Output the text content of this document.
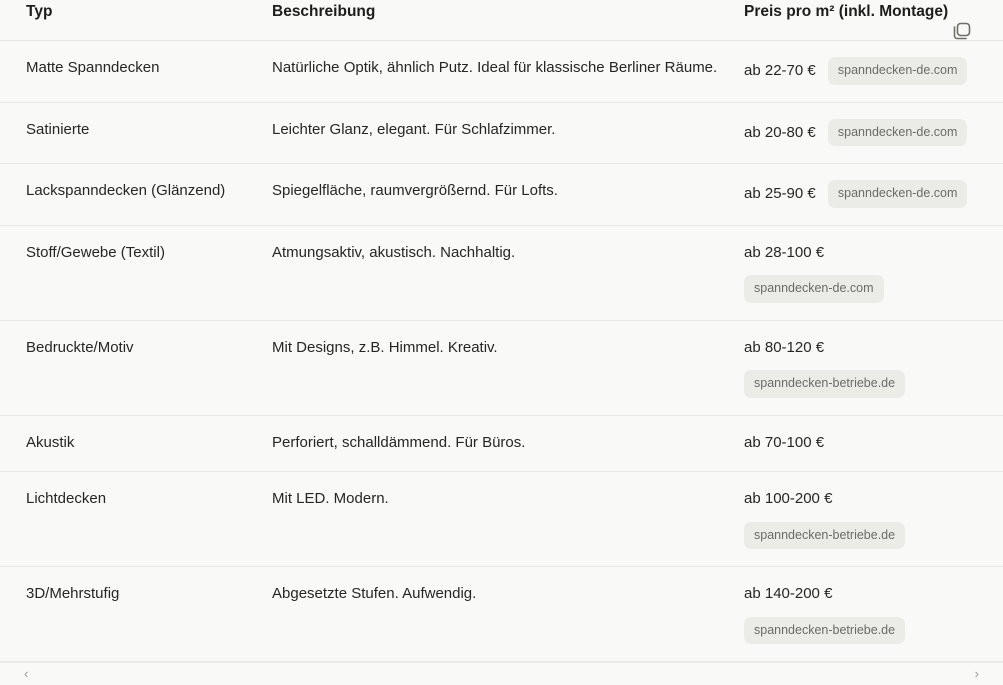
Typ	Beschreibung	Preis pro m² (inkl. Montage)
Matte Spanndecken	Natürliche Optik, ähnlich Putz. Ideal für klassische Berliner Räume.	ab 22-70 € spanndecken-de.com

Satinierte	Leichter Glanz, elegant. Für Schlafzimmer.	ab 20-80 € spanndecken-de.com

Lackspanndecken (Glänzend)	Spiegelfläche, raumvergrößernd. Für Lofts.	ab 25-90 € spanndecken-de.com

Stoff/Gewebe (Textil)	Atmungsaktiv, akustisch. Nachhaltig.	ab 28-100 €
spanndecken-de.com

Bedruckte/Motiv	Mit Designs, z.B. Himmel. Kreativ.	ab 80-120 €
spanndecken-betriebe.de

Akustik	Perforiert, schalldämmend. Für Büros.	ab 70-100 €

Lichtdecken	Mit LED. Modern.	ab 100-200 €
spanndecken-betriebe.de

3D/Mehrstufig	Abgesetzte Stufen. Aufwendig.	ab 140-200 €
spanndecken-betriebe.de
‹	›
